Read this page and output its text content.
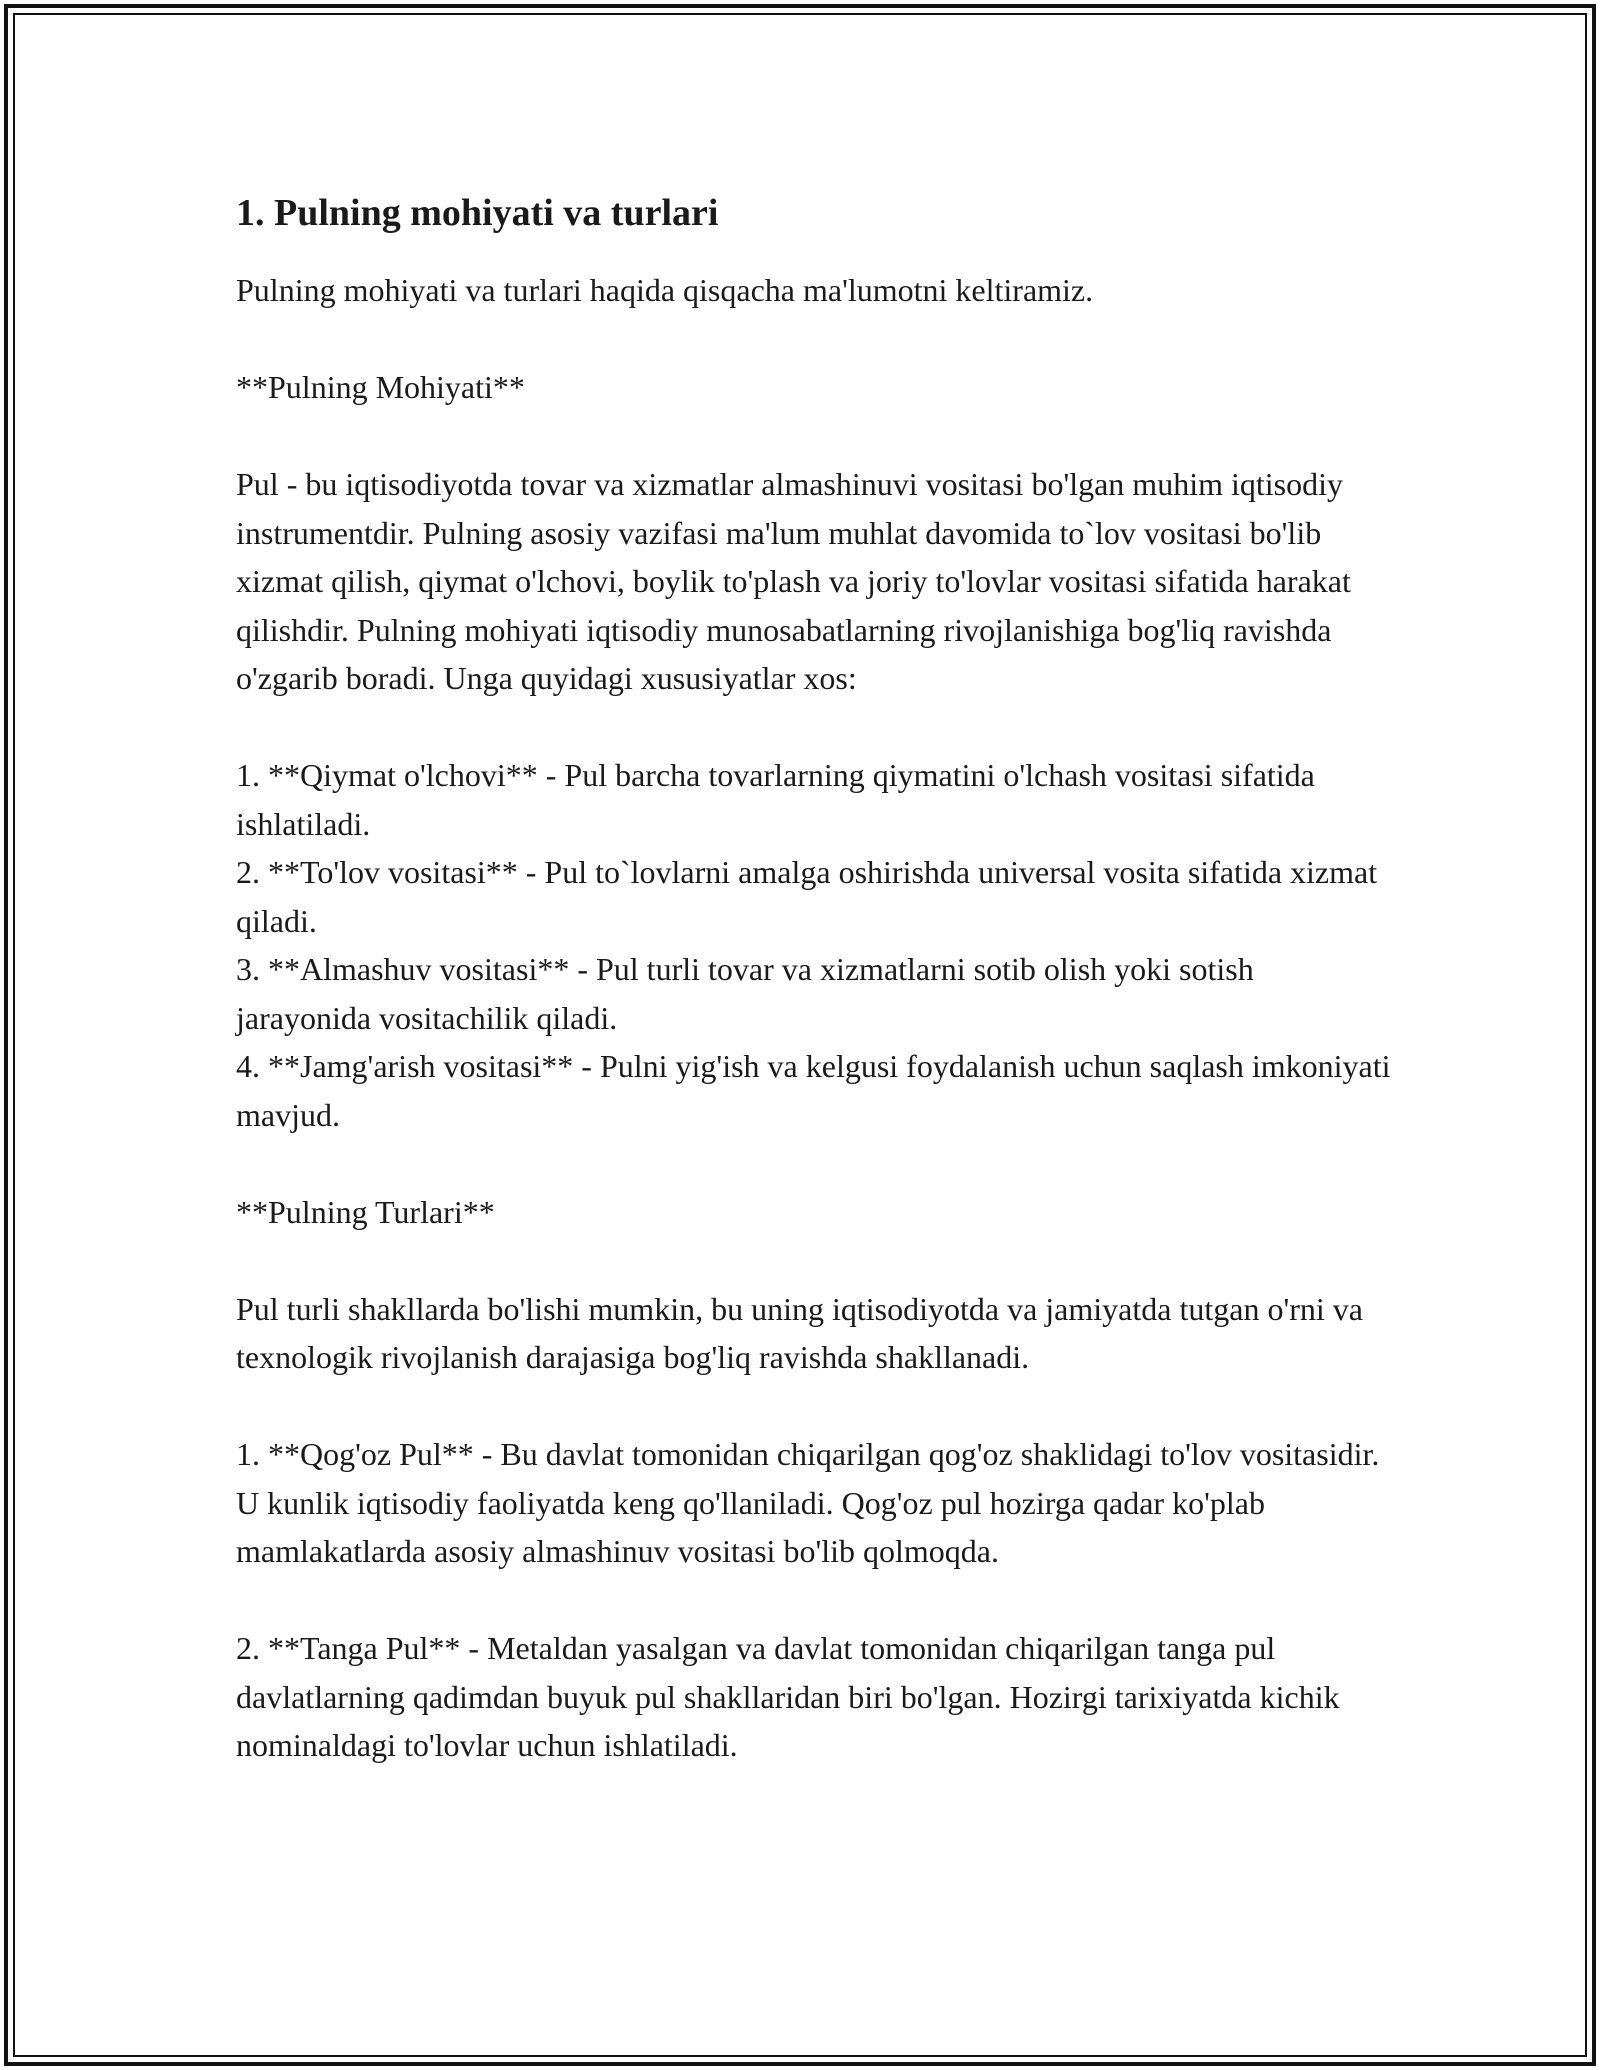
1. Pulning mohiyati va turlari

Pulning mohiyati va turlari haqida qisqacha ma'lumotni keltiramiz.

**Pulning Mohiyati**

Pul - bu iqtisodiyotda tovar va xizmatlar almashinuvi vositasi bo'lgan muhim iqtisodiy instrumentdir. Pulning asosiy vazifasi ma'lum muhlat davomida to`lov vositasi bo'lib xizmat qilish, qiymat o'lchovi, boylik to'plash va joriy to'lovlar vositasi sifatida harakat qilishdir. Pulning mohiyati iqtisodiy munosabatlarning rivojlanishiga bog'liq ravishda o'zgarib boradi. Unga quyidagi xususiyatlar xos:

1. **Qiymat o'lchovi** - Pul barcha tovarlarning qiymatini o'lchash vositasi sifatida ishlatiladi.

2. **To'lov vositasi** - Pul to`lovlarni amalga oshirishda universal vosita sifatida xizmat qiladi.

3. **Almashuv vositasi** - Pul turli tovar va xizmatlarni sotib olish yoki sotish jarayonida vositachilik qiladi.

4. **Jamg'arish vositasi** - Pulni yig'ish va kelgusi foydalanish uchun saqlash imkoniyati mavjud.

**Pulning Turlari**

Pul turli shakllarda bo'lishi mumkin, bu uning iqtisodiyotda va jamiyatda tutgan o'rni va texnologik rivojlanish darajasiga bog'liq ravishda shakllanadi.

1. **Qog'oz Pul** - Bu davlat tomonidan chiqarilgan qog'oz shaklidagi to'lov vositasidir. U kunlik iqtisodiy faoliyatda keng qo'llaniladi. Qog'oz pul hozirga qadar ko'plab mamlakatlarda asosiy almashinuv vositasi bo'lib qolmoqda.

2. **Tanga Pul** - Metaldan yasalgan va davlat tomonidan chiqarilgan tanga pul davlatlarning qadimdan buyuk pul shakllaridan biri bo'lgan. Hozirgi tarixiyatda kichik nominaldagi to'lovlar uchun ishlatiladi.
